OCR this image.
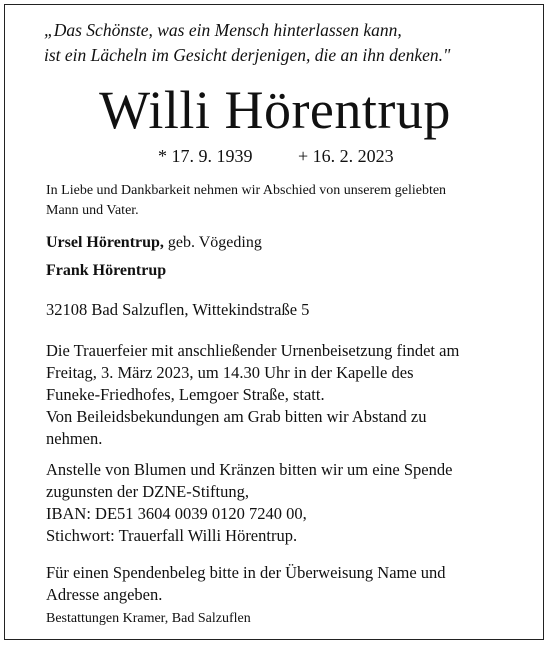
„Das Schönste, was ein Mensch hinterlassen kann,
ist ein Lächeln im Gesicht derjenigen, die an ihn denken."
Willi Hörentrup
* 17. 9. 1939	+ 16. 2. 2023
In Liebe und Dankbarkeit nehmen wir Abschied von unserem geliebten
Mann und Vater.
Ursel Hörentrup, geb. Vögeding
Frank Hörentrup
32108 Bad Salzuflen, Wittekindstraße 5
Die Trauerfeier mit anschließender Urnenbeisetzung findet am
Freitag, 3. März 2023, um 14.30 Uhr in der Kapelle des
Funeke-Friedhofes, Lemgoer Straße, statt.
Von Beileidsbekundungen am Grab bitten wir Abstand zu
nehmen.
Anstelle von Blumen und Kränzen bitten wir um eine Spende
zugunsten der DZNE-Stiftung,
IBAN: DE51 3604 0039 0120 7240 00,
Stichwort: Trauerfall Willi Hörentrup.
Für einen Spendenbeleg bitte in der Überweisung Name und
Adresse angeben.
Bestattungen Kramer, Bad Salzuflen
